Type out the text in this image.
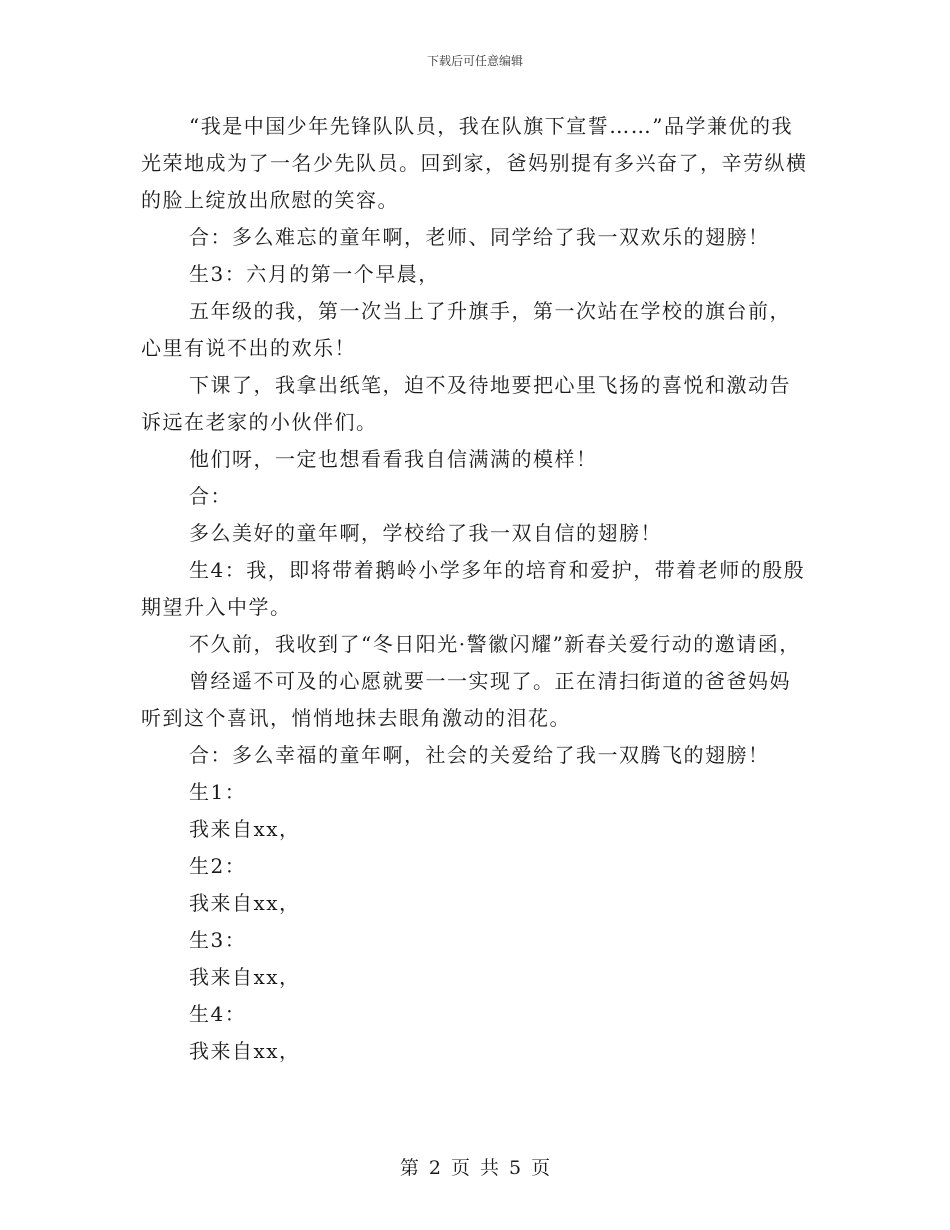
下载后可任意编辑

“我是中国少年先锋队队员，我在队旗下宣誓……”品学兼优的我光荣地成为了一名少先队员。回到家，爸妈别提有多兴奋了，辛劳纵横的脸上绽放出欣慰的笑容。

合：多么难忘的童年啊，老师、同学给了我一双欢乐的翅膀！

生3：六月的第一个早晨，

五年级的我，第一次当上了升旗手，第一次站在学校的旗台前，心里有说不出的欢乐！

下课了，我拿出纸笔，迫不及待地要把心里飞扬的喜悦和激动告诉远在老家的小伙伴们。

他们呀，一定也想看看我自信满满的模样！

合：

多么美好的童年啊，学校给了我一双自信的翅膀！

生4：我，即将带着鹅岭小学多年的培育和爱护，带着老师的殷殷期望升入中学。

不久前，我收到了“冬日阳光·警徽闪耀”新春关爱行动的邀请函，

曾经遥不可及的心愿就要一一实现了。正在清扫街道的爸爸妈妈听到这个喜讯，悄悄地抹去眼角激动的泪花。

合：多么幸福的童年啊，社会的关爱给了我一双腾飞的翅膀！

生1：

我来自xx，

生2：

我来自xx，

生3：

我来自xx，

生4：

我来自xx，

第 2 页 共 5 页
